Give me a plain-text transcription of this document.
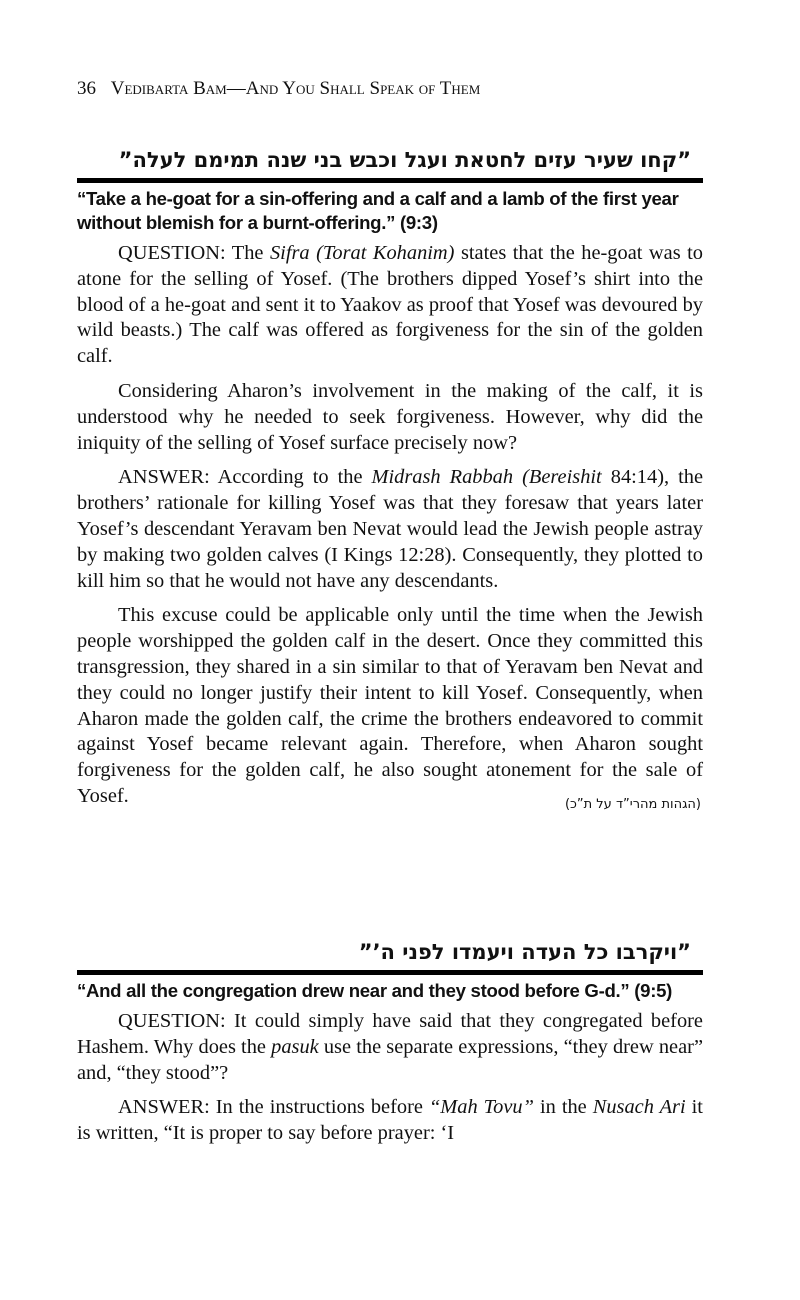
36 Vedibarta Bam—And You Shall Speak of Them
”קחו שעיר עזים לחטאת ועגל וכבש בני שנה תמימם לעלה”
“Take a he-goat for a sin-offering and a calf and a lamb of the first year without blemish for a burnt-offering.” (9:3)

QUESTION: The Sifra (Torat Kohanim) states that the he-goat was to atone for the selling of Yosef. (The brothers dipped Yosef’s shirt into the blood of a he-goat and sent it to Yaakov as proof that Yosef was devoured by wild beasts.) The calf was offered as forgiveness for the sin of the golden calf.

Considering Aharon’s involvement in the making of the calf, it is understood why he needed to seek forgiveness. However, why did the iniquity of the selling of Yosef surface precisely now?

ANSWER: According to the Midrash Rabbah (Bereishit 84:14), the brothers’ rationale for killing Yosef was that they foresaw that years later Yosef’s descendant Yeravam ben Nevat would lead the Jewish people astray by making two golden calves (I Kings 12:28). Consequently, they plotted to kill him so that he would not have any descendants.

This excuse could be applicable only until the time when the Jewish people worshipped the golden calf in the desert. Once they committed this transgression, they shared in a sin similar to that of Yeravam ben Nevat and they could no longer justify their intent to kill Yosef. Consequently, when Aharon made the golden calf, the crime the brothers endeavored to commit against Yosef became relevant again. Therefore, when Aharon sought forgiveness for the golden calf, he also sought atonement for the sale of Yosef.	(הגהות מהרי”ד על ת”כ)

”ויקרבו כל העדה ויעמדו לפני ה’”
“And all the congregation drew near and they stood before G-d.” (9:5)

QUESTION: It could simply have said that they congregated before Hashem. Why does the pasuk use the separate expressions, “they drew near” and, “they stood”?

ANSWER: In the instructions before “Mah Tovu” in the Nusach Ari it is written, “It is proper to say before prayer: ‘I
